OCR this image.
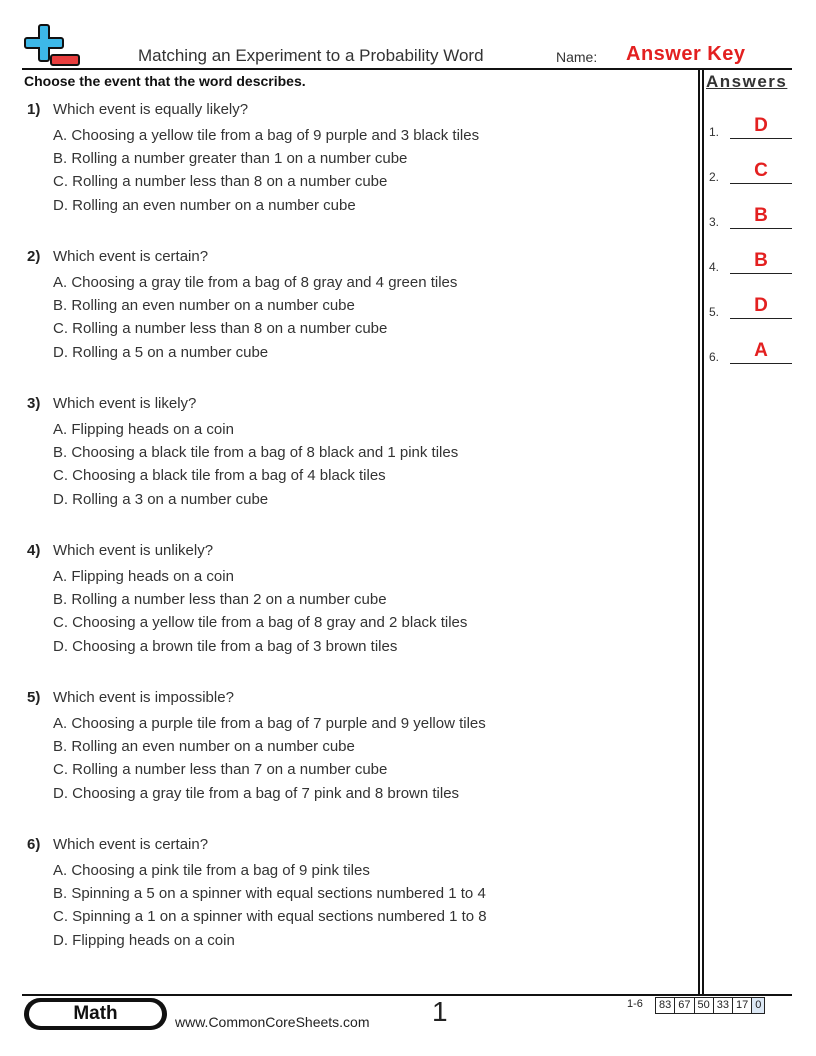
Matching an Experiment to a Probability Word	Name: Answer Key
Choose the event that the word describes.	Answers
1) Which event is equally likely?
A. Choosing a yellow tile from a bag of 9 purple and 3 black tiles
B. Rolling a number greater than 1 on a number cube
C. Rolling a number less than 8 on a number cube
D. Rolling an even number on a number cube
2) Which event is certain?
A. Choosing a gray tile from a bag of 8 gray and 4 green tiles
B. Rolling an even number on a number cube
C. Rolling a number less than 8 on a number cube
D. Rolling a 5 on a number cube
3) Which event is likely?
A. Flipping heads on a coin
B. Choosing a black tile from a bag of 8 black and 1 pink tiles
C. Choosing a black tile from a bag of 4 black tiles
D. Rolling a 3 on a number cube
4) Which event is unlikely?
A. Flipping heads on a coin
B. Rolling a number less than 2 on a number cube
C. Choosing a yellow tile from a bag of 8 gray and 2 black tiles
D. Choosing a brown tile from a bag of 3 brown tiles
5) Which event is impossible?
A. Choosing a purple tile from a bag of 7 purple and 9 yellow tiles
B. Rolling an even number on a number cube
C. Rolling a number less than 7 on a number cube
D. Choosing a gray tile from a bag of 7 pink and 8 brown tiles
6) Which event is certain?
A. Choosing a pink tile from a bag of 9 pink tiles
B. Spinning a 5 on a spinner with equal sections numbered 1 to 4
C. Spinning a 1 on a spinner with equal sections numbered 1 to 8
D. Flipping heads on a coin
1.	D
2.	C
3.	B
4.	B
5.	D
6.	A
Math	www.CommonCoreSheets.com 1	1-6	83 67 50 33 17 0
